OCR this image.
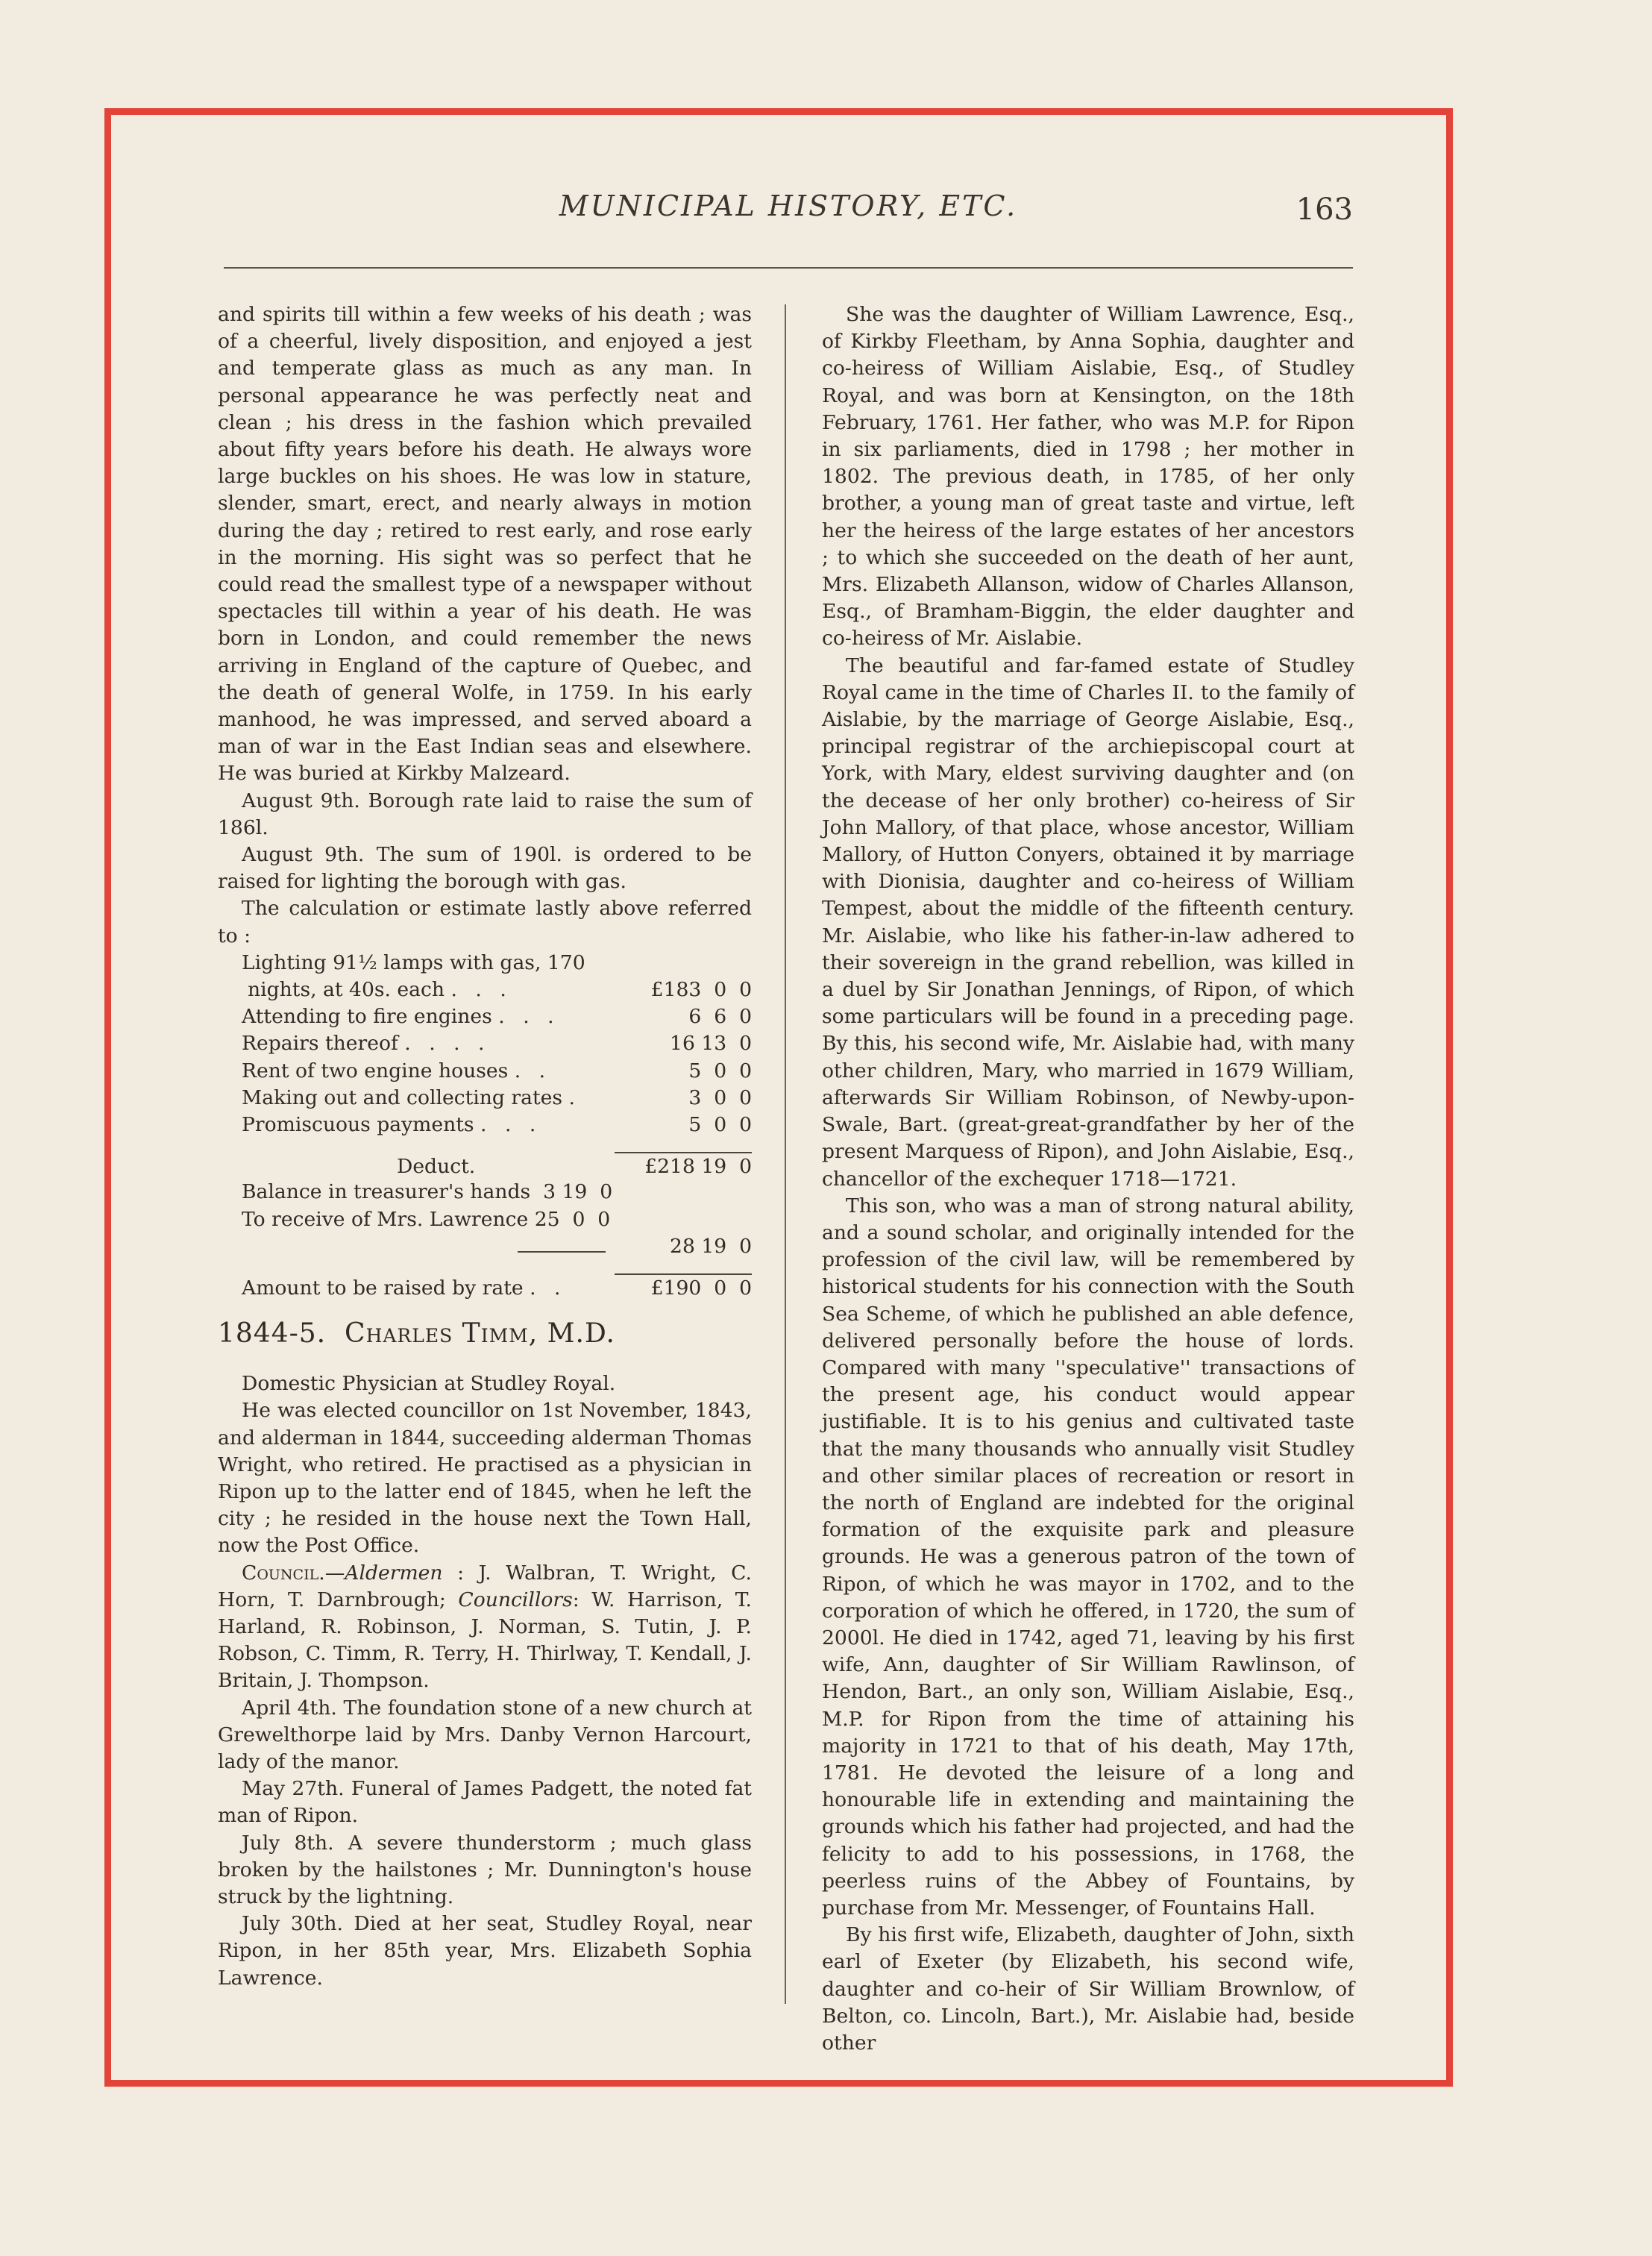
MUNICIPAL HISTORY, ETC.	163

and spirits till within a few weeks of his death ; was of a cheerful, lively disposition, and enjoyed a jest and temperate glass as much as any man. In personal appearance he was perfectly neat and clean ; his dress in the fashion which prevailed about fifty years before his death. He always wore large buckles on his shoes. He was low in stature, slender, smart, erect, and nearly always in motion during the day ; retired to rest early, and rose early in the morning. His sight was so perfect that he could read the smallest type of a newspaper without spectacles till within a year of his death. He was born in London, and could remember the news arriving in England of the capture of Quebec, and the death of general Wolfe, in 1759. In his early manhood, he was impressed, and served aboard a man of war in the East Indian seas and elsewhere. He was buried at Kirkby Malzeard.

August 9th. Borough rate laid to raise the sum of 186l.

August 9th. The sum of 190l. is ordered to be raised for lighting the borough with gas.

The calculation or estimate lastly above referred to :

Lighting 91½ lamps with gas, 170
nights, at 40s. each . . .	£183  0  0
Attending to fire engines . . .	6  6  0
Repairs thereof . . . .	16 13  0
Rent of two engine houses . .	5  0  0
Making out and collecting rates .	3  0  0
Promiscuous payments . . .	5  0  0
Deduct.	£218 19  0
Balance in treasurer's hands 3 19  0
To receive of Mrs. Lawrence 25  0  0
28 19  0
Amount to be raised by rate . .	£190  0  0
1844-5. Charles Timm, M.D.

Domestic Physician at Studley Royal.

He was elected councillor on 1st November, 1843, and alderman in 1844, succeeding alderman Thomas Wright, who retired. He practised as a physician in Ripon up to the latter end of 1845, when he left the city ; he resided in the house next the Town Hall, now the Post Office.

Council.—Aldermen : J. Walbran, T. Wright, C. Horn, T. Darnbrough; Councillors: W. Harrison, T. Harland, R. Robinson, J. Norman, S. Tutin, J. P. Robson, C. Timm, R. Terry, H. Thirlway, T. Kendall, J. Britain, J. Thompson.

April 4th. The foundation stone of a new church at Grewelthorpe laid by Mrs. Danby Vernon Harcourt, lady of the manor.

May 27th. Funeral of James Padgett, the noted fat man of Ripon.

July 8th. A severe thunderstorm ; much glass broken by the hailstones ; Mr. Dunnington's house struck by the lightning.

July 30th. Died at her seat, Studley Royal, near Ripon, in her 85th year, Mrs. Elizabeth Sophia Lawrence.

She was the daughter of William Lawrence, Esq., of Kirkby Fleetham, by Anna Sophia, daughter and co-heiress of William Aislabie, Esq., of Studley Royal, and was born at Kensington, on the 18th February, 1761. Her father, who was M.P. for Ripon in six parliaments, died in 1798 ; her mother in 1802. The previous death, in 1785, of her only brother, a young man of great taste and virtue, left her the heiress of the large estates of her ancestors ; to which she succeeded on the death of her aunt, Mrs. Elizabeth Allanson, widow of Charles Allanson, Esq., of Bramham-Biggin, the elder daughter and co-heiress of Mr. Aislabie.

The beautiful and far-famed estate of Studley Royal came in the time of Charles II. to the family of Aislabie, by the marriage of George Aislabie, Esq., principal registrar of the archiepiscopal court at York, with Mary, eldest surviving daughter and (on the decease of her only brother) co-heiress of Sir John Mallory, of that place, whose ancestor, William Mallory, of Hutton Conyers, obtained it by marriage with Dionisia, daughter and co-heiress of William Tempest, about the middle of the fifteenth century. Mr. Aislabie, who like his father-in-law adhered to their sovereign in the grand rebellion, was killed in a duel by Sir Jonathan Jennings, of Ripon, of which some particulars will be found in a preceding page. By this, his second wife, Mr. Aislabie had, with many other children, Mary, who married in 1679 William, afterwards Sir William Robinson, of Newby-upon-Swale, Bart. (great-great-grandfather by her of the present Marquess of Ripon), and John Aislabie, Esq., chancellor of the exchequer 1718—1721.

This son, who was a man of strong natural ability, and a sound scholar, and originally intended for the profession of the civil law, will be remembered by historical students for his connection with the South Sea Scheme, of which he published an able defence, delivered personally before the house of lords. Compared with many ''speculative'' transactions of the present age, his conduct would appear justifiable. It is to his genius and cultivated taste that the many thousands who annually visit Studley and other similar places of recreation or resort in the north of England are indebted for the original formation of the exquisite park and pleasure grounds. He was a generous patron of the town of Ripon, of which he was mayor in 1702, and to the corporation of which he offered, in 1720, the sum of 2000l. He died in 1742, aged 71, leaving by his first wife, Ann, daughter of Sir William Rawlinson, of Hendon, Bart., an only son, William Aislabie, Esq., M.P. for Ripon from the time of attaining his majority in 1721 to that of his death, May 17th, 1781. He devoted the leisure of a long and honourable life in extending and maintaining the grounds which his father had projected, and had the felicity to add to his possessions, in 1768, the peerless ruins of the Abbey of Fountains, by purchase from Mr. Messenger, of Fountains Hall.

By his first wife, Elizabeth, daughter of John, sixth earl of Exeter (by Elizabeth, his second wife, daughter and co-heir of Sir William Brownlow, of Belton, co. Lincoln, Bart.), Mr. Aislabie had, beside other
